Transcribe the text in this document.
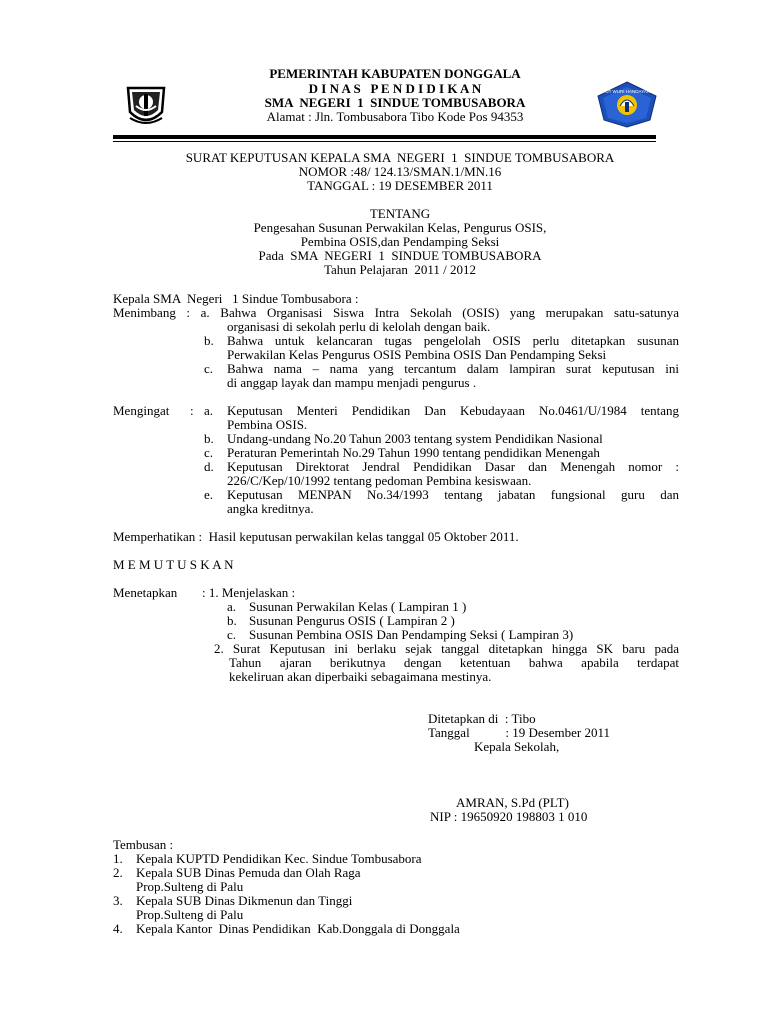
PEMERINTAH KABUPATEN DONGGALA
D I N A S   P E N D I D I K A N
SMA  NEGERI  1  SINDUE TOMBUSABORA
Alamat : Jln. Tombusabora Tibo Kode Pos 94353
TUT WURI HANDAYANI
SURAT KEPUTUSAN KEPALA SMA  NEGERI  1  SINDUE TOMBUSABORA
NOMOR :48/ 124.13/SMAN.1/MN.16
TANGGAL : 19 DESEMBER 2011
TENTANG
Pengesahan Susunan Perwakilan Kelas, Pengurus OSIS,
Pembina OSIS,dan Pendamping Seksi
Pada  SMA  NEGERI  1  SINDUE TOMBUSABORA
Tahun Pelajaran  2011 / 2012
Kepala SMA  Negeri   1 Sindue Tombusabora :
Menimbang : a. Bahwa Organisasi Siswa Intra Sekolah (OSIS) yang merupakan satu-satunya
organisasi di sekolah perlu di kelolah dengan baik.
b. Bahwa untuk kelancaran tugas pengelolah OSIS perlu ditetapkan susunan
Perwakilan Kelas Pengurus OSIS Pembina OSIS Dan Pendamping Seksi
c. Bahwa nama – nama yang tercantum dalam lampiran surat keputusan ini
di anggap layak dan mampu menjadi pengurus .
Mengingat : a. Keputusan Menteri Pendidikan Dan Kebudayaan No.0461/U/1984 tentang
Pembina OSIS.
b. Undang-undang No.20 Tahun 2003 tentang system Pendidikan Nasional
c. Peraturan Pemerintah No.29 Tahun 1990 tentang pendidikan Menengah
d. Keputusan Direktorat Jendral Pendidikan Dasar dan Menengah nomor :
226/C/Kep/10/1992 tentang pedoman Pembina kesiswaan.
e. Keputusan MENPAN No.34/1993 tentang jabatan fungsional guru dan
angka kreditnya.
Memperhatikan :  Hasil keputusan perwakilan kelas tanggal 05 Oktober 2011.
M E M U T U S K A N
Menetapkan : 1. Menjelaskan :
a. Susunan Perwakilan Kelas ( Lampiran 1 )
b. Susunan Pengurus OSIS ( Lampiran 2 )
c. Susunan Pembina OSIS Dan Pendamping Seksi ( Lampiran 3)
2. Surat Keputusan ini berlaku sejak tanggal ditetapkan hingga SK baru pada
Tahun ajaran berikutnya dengan ketentuan bahwa apabila terdapat
kekeliruan akan diperbaiki sebagaimana mestinya.
Ditetapkan di  : Tibo
Tanggal           : 19 Desember 2011
Kepala Sekolah,
AMRAN, S.Pd (PLT)
NIP : 19650920 198803 1 010
Tembusan :
1. Kepala KUPTD Pendidikan Kec. Sindue Tombusabora
2. Kepala SUB Dinas Pemuda dan Olah Raga
Prop.Sulteng di Palu
3. Kepala SUB Dinas Dikmenun dan Tinggi
Prop.Sulteng di Palu
4. Kepala Kantor  Dinas Pendidikan  Kab.Donggala di Donggala
